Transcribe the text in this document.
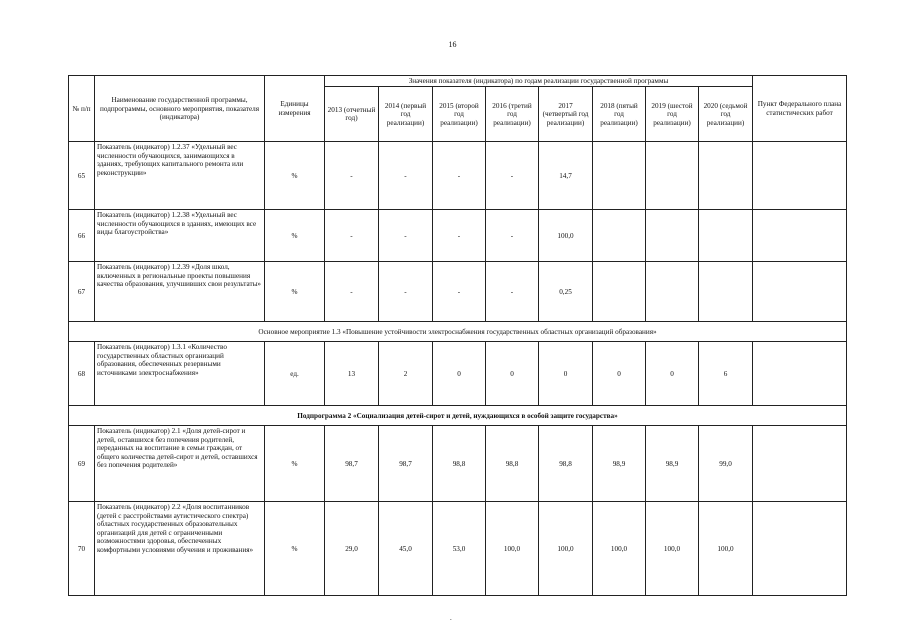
16
№ п/п	Наименование государственной программы, подпрограммы, основного мероприятия, показателя (индикатора)	Единицы измерения	Значения показателя (индикатора) по годам реализации государственной программы								Пункт Федерального плана статистических работ
			2013 (отчетный год)	2014 (первый год реализации)	2015 (второй год реализации)	2016 (третий год реализации)	2017 (четвертый год реализации)	2018 (пятый год реализации)	2019 (шестой год реализации)	2020 (седьмой год реализации)	
65	Показатель (индикатор) 1.2.37 «Удельный вес численности обучающихся, занимающихся в зданиях, требующих капитального ремонта или реконструкции»	%	-	-	-	-	14,7				
66	Показатель (индикатор) 1.2.38 «Удельный вес численности обучающихся в зданиях, имеющих все виды благоустройства»	%	-	-	-	-	100,0				
67	Показатель (индикатор) 1.2.39 «Доля школ, включенных в региональные проекты повышения качества образования, улучшивших свои результаты»	%	-	-	-	-	0,25				
Основное мероприятие 1.3 «Повышение устойчивости электроснабжения государственных областных организаций образования»											
68	Показатель (индикатор) 1.3.1 «Количество государственных областных организаций образования, обеспеченных резервными источниками электроснабжения»	ед.	13	2	0	0	0	0	0	6	
Подпрограмма 2 «Социализация детей-сирот и детей, нуждающихся в особой защите государства»											
69	Показатель (индикатор) 2.1 «Доля детей-сирот и детей, оставшихся без попечения родителей, переданных на воспитание в семьи граждан, от общего количества детей-сирот и детей, оставшихся без попечения родителей»	%	98,7	98,7	98,8	98,8	98,8	98,9	98,9	99,0	
70	Показатель (индикатор) 2.2 «Доля воспитанников (детей с расстройствами аутистического спектра) областных государственных образовательных организаций для детей с ограниченными возможностями здоровья, обеспеченных комфортными условиями обучения и проживания»	%	29,0	45,0	53,0	100,0	100,0	100,0	100,0	100,0	
.
